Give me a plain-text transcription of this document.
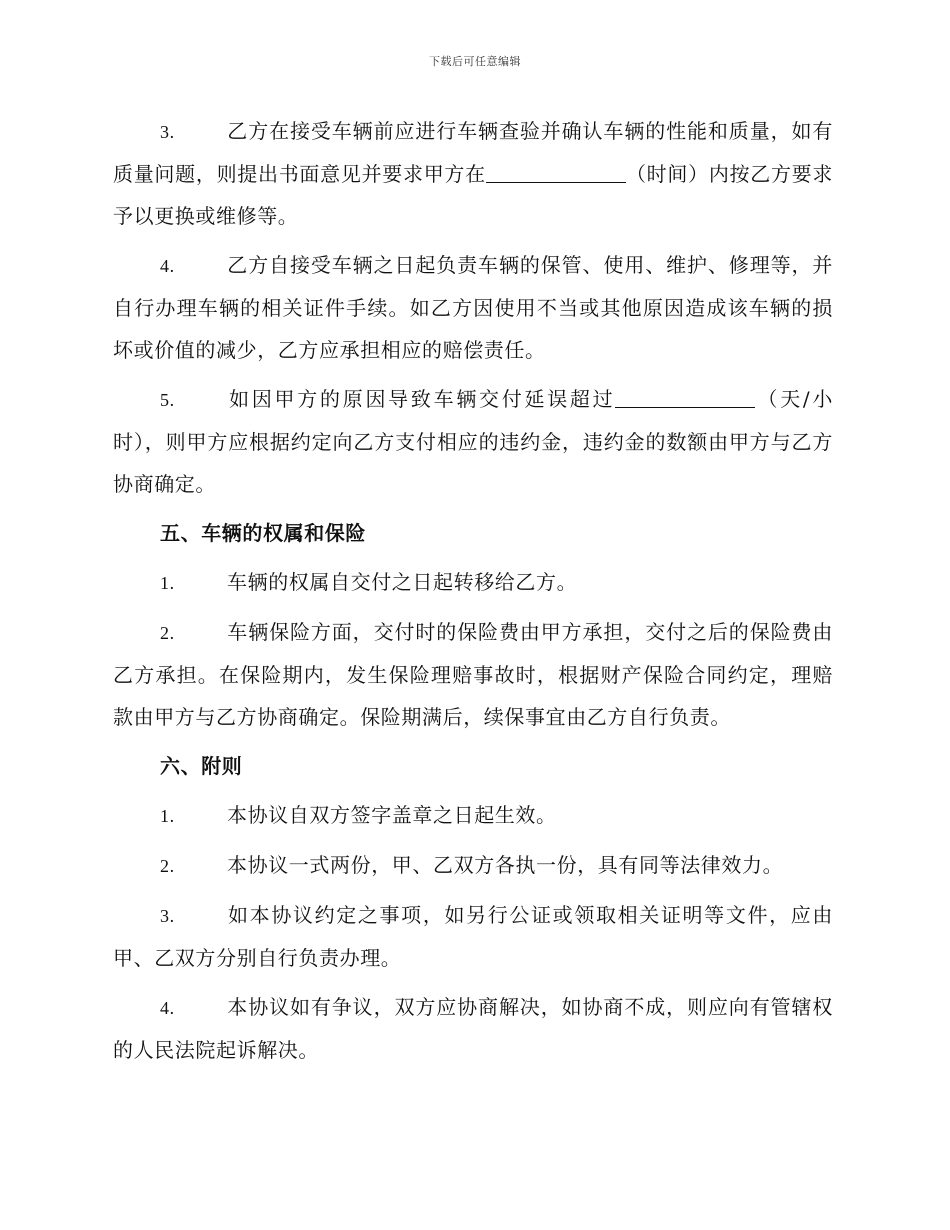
下载后可任意编辑

3.	乙方在接受车辆前应进行车辆查验并确认车辆的性能和质量，如有质量问题，则提出书面意见并要求甲方在	（时间）内按乙方要求予以更换或维修等。

4.	乙方自接受车辆之日起负责车辆的保管、使用、维护、修理等，并自行办理车辆的相关证件手续。如乙方因使用不当或其他原因造成该车辆的损坏或价值的减少，乙方应承担相应的赔偿责任。

5.	如因甲方的原因导致车辆交付延误超过	（天/小时），则甲方应根据约定向乙方支付相应的违约金，违约金的数额由甲方与乙方协商确定。

五、车辆的权属和保险

1.	车辆的权属自交付之日起转移给乙方。

2.	车辆保险方面，交付时的保险费由甲方承担，交付之后的保险费由乙方承担。在保险期内，发生保险理赔事故时，根据财产保险合同约定，理赔款由甲方与乙方协商确定。保险期满后，续保事宜由乙方自行负责。

六、附则

1.	本协议自双方签字盖章之日起生效。

2.	本协议一式两份，甲、乙双方各执一份，具有同等法律效力。

3.	如本协议约定之事项，如另行公证或领取相关证明等文件，应由甲、乙双方分别自行负责办理。

4.	本协议如有争议，双方应协商解决，如协商不成，则应向有管辖权的人民法院起诉解决。
